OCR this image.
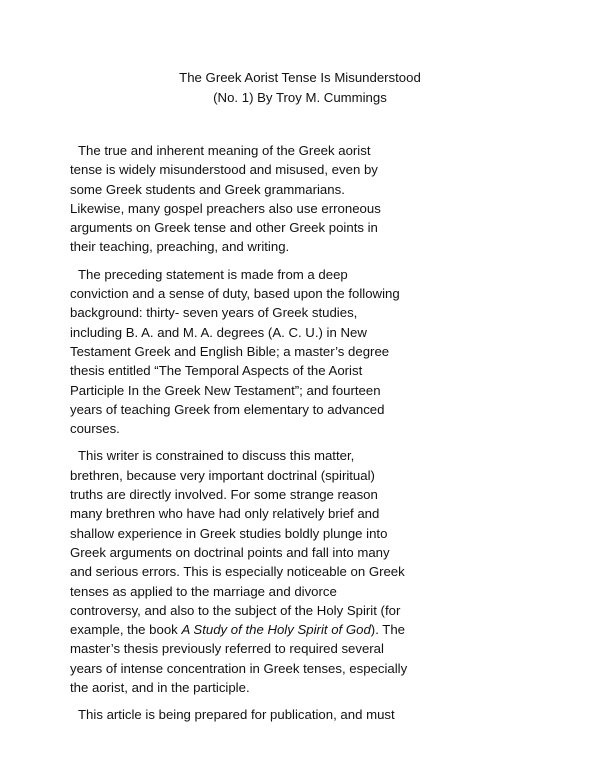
The Greek Aorist Tense Is Misunderstood
(No. 1) By Troy M. Cummings
The true and inherent meaning of the Greek aorist
tense is widely misunderstood and misused, even by
some Greek students and Greek grammarians.
Likewise, many gospel preachers also use erroneous
arguments on Greek tense and other Greek points in
their teaching, preaching, and writing.
The preceding statement is made from a deep
conviction and a sense of duty, based upon the following
background: thirty- seven years of Greek studies,
including B. A. and M. A. degrees (A. C. U.) in New
Testament Greek and English Bible; a master’s degree
thesis entitled “The Temporal Aspects of the Aorist
Participle In the Greek New Testament”; and fourteen
years of teaching Greek from elementary to advanced
courses.
This writer is constrained to discuss this matter,
brethren, because very important doctrinal (spiritual)
truths are directly involved. For some strange reason
many brethren who have had only relatively brief and
shallow experience in Greek studies boldly plunge into
Greek arguments on doctrinal points and fall into many
and serious errors. This is especially noticeable on Greek
tenses as applied to the marriage and divorce
controversy, and also to the subject of the Holy Spirit (for
example, the book A Study of the Holy Spirit of God). The
master’s thesis previously referred to required several
years of intense concentration in Greek tenses, especially
the aorist, and in the participle.
This article is being prepared for publication, and must
